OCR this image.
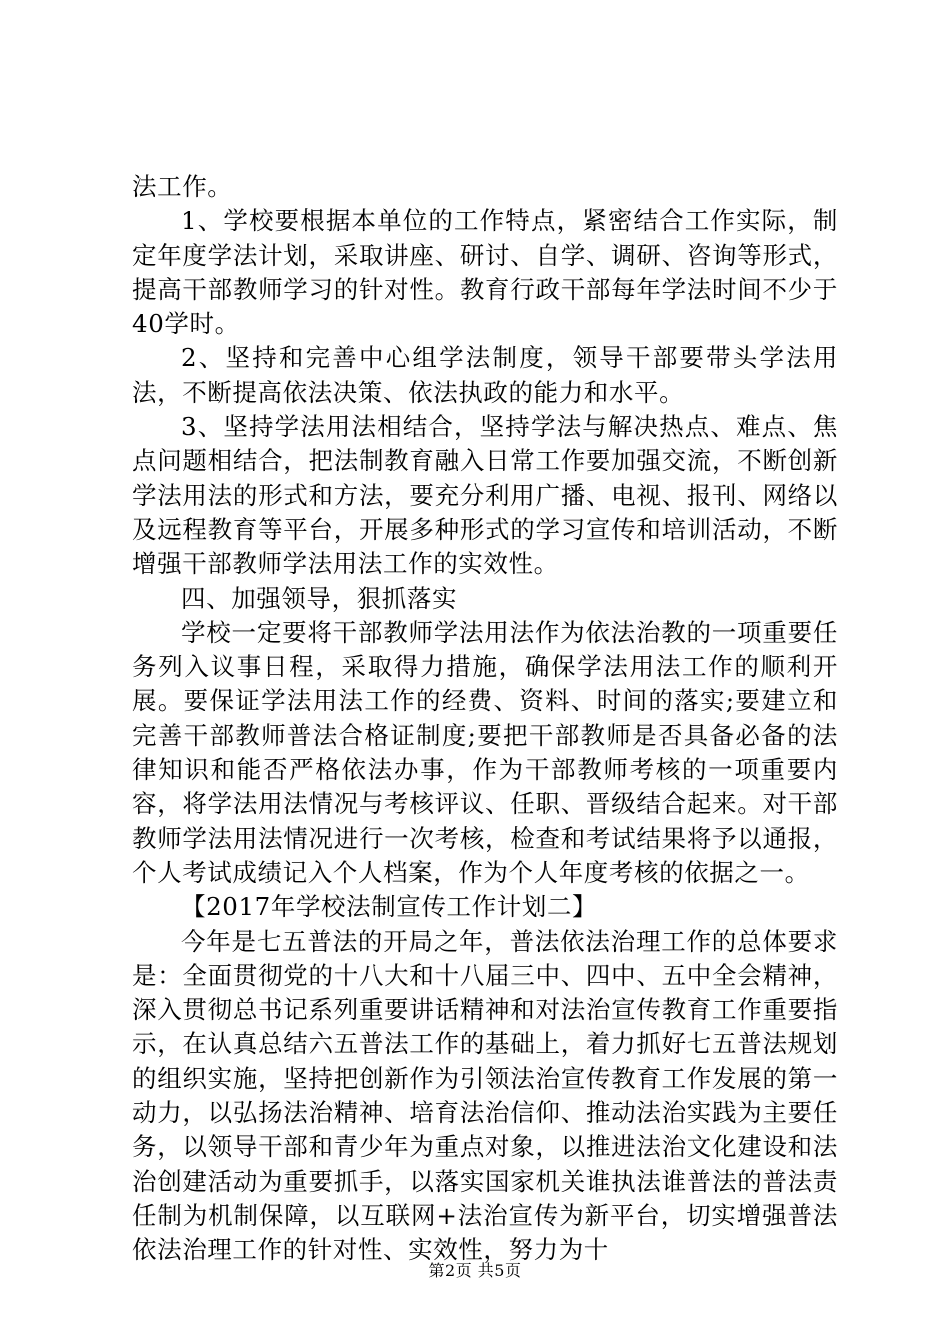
法工作。

1、学校要根据本单位的工作特点，紧密结合工作实际，制定年度学法计划，采取讲座、研讨、自学、调研、咨询等形式，提高干部教师学习的针对性。教育行政干部每年学法时间不少于40学时。

2、坚持和完善中心组学法制度，领导干部要带头学法用法，不断提高依法决策、依法执政的能力和水平。

3、坚持学法用法相结合，坚持学法与解决热点、难点、焦点问题相结合，把法制教育融入日常工作要加强交流，不断创新学法用法的形式和方法，要充分利用广播、电视、报刊、网络以及远程教育等平台，开展多种形式的学习宣传和培训活动，不断增强干部教师学法用法工作的实效性。

四、加强领导，狠抓落实

学校一定要将干部教师学法用法作为依法治教的一项重要任务列入议事日程，采取得力措施，确保学法用法工作的顺利开展。要保证学法用法工作的经费、资料、时间的落实;要建立和完善干部教师普法合格证制度;要把干部教师是否具备必备的法律知识和能否严格依法办事，作为干部教师考核的一项重要内容，将学法用法情况与考核评议、任职、晋级结合起来。对干部教师学法用法情况进行一次考核，检查和考试结果将予以通报，个人考试成绩记入个人档案，作为个人年度考核的依据之一。

【2017年学校法制宣传工作计划二】

今年是七五普法的开局之年，普法依法治理工作的总体要求是：全面贯彻党的十八大和十八届三中、四中、五中全会精神，深入贯彻总书记系列重要讲话精神和对法治宣传教育工作重要指示，在认真总结六五普法工作的基础上，着力抓好七五普法规划的组织实施，坚持把创新作为引领法治宣传教育工作发展的第一动力，以弘扬法治精神、培育法治信仰、推动法治实践为主要任务，以领导干部和青少年为重点对象，以推进法治文化建设和法治创建活动为重要抓手，以落实国家机关谁执法谁普法的普法责任制为机制保障，以互联网+法治宣传为新平台，切实增强普法依法治理工作的针对性、实效性，努力为十

第2页 共5页
